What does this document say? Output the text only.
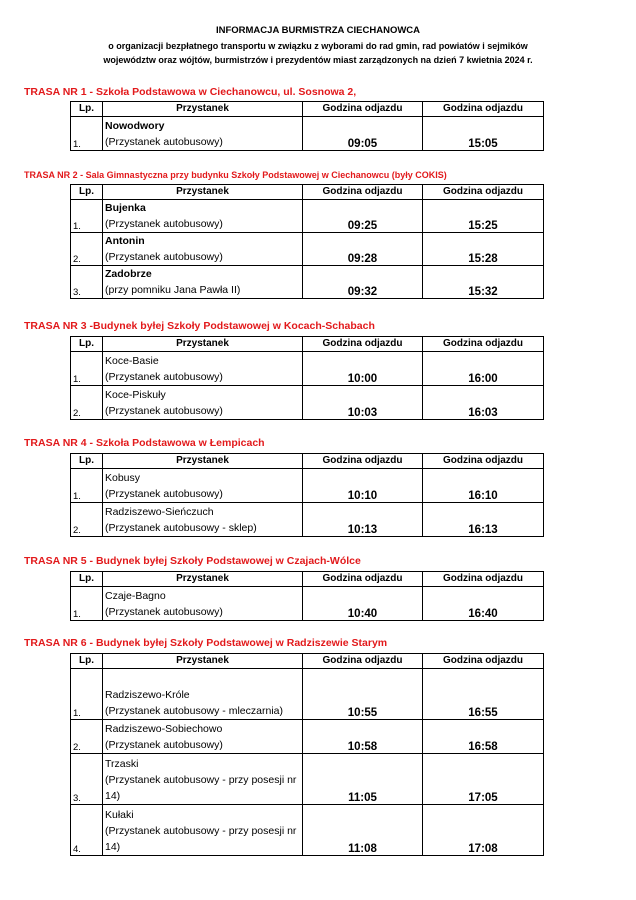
INFORMACJA BURMISTRZA CIECHANOWCA
o organizacji bezpłatnego transportu w związku z wyborami do rad gmin, rad powiatów i sejmików
województw oraz wójtów, burmistrzów i prezydentów miast zarządzonych na dzień 7 kwietnia 2024 r.
TRASA NR 1 - Szkoła Podstawowa w Ciechanowcu, ul. Sosnowa 2,
Lp.	Przystanek	Godzina odjazdu	Godzina odjazdu
1.	Nowodwory
(Przystanek autobusowy)	09:05	15:05
TRASA NR 2 - Sala Gimnastyczna przy budynku Szkoły Podstawowej w Ciechanowcu (były COKIS)
Lp.	Przystanek	Godzina odjazdu	Godzina odjazdu
1.	Bujenka
(Przystanek autobusowy)	09:25	15:25
2.	Antonin
(Przystanek autobusowy)	09:28	15:28
3.	Zadobrze
(przy pomniku Jana Pawła II)	09:32	15:32
TRASA NR 3 -Budynek byłej Szkoły Podstawowej w Kocach-Schabach
Lp.	Przystanek	Godzina odjazdu	Godzina odjazdu
1.	Koce-Basie
(Przystanek autobusowy)	10:00	16:00
2.	Koce-Piskuły
(Przystanek autobusowy)	10:03	16:03
TRASA NR 4 - Szkoła Podstawowa w Łempicach
Lp.	Przystanek	Godzina odjazdu	Godzina odjazdu
1.	Kobusy
(Przystanek autobusowy)	10:10	16:10
2.	Radziszewo-Sieńczuch
(Przystanek autobusowy - sklep)	10:13	16:13
TRASA NR 5 - Budynek byłej Szkoły Podstawowej w Czajach-Wólce
Lp.	Przystanek	Godzina odjazdu	Godzina odjazdu
1.	Czaje-Bagno
(Przystanek autobusowy)	10:40	16:40
TRASA NR 6 - Budynek byłej Szkoły Podstawowej w Radziszewie Starym
Lp.	Przystanek	Godzina odjazdu	Godzina odjazdu
1.	Radziszewo-Króle
(Przystanek autobusowy - mleczarnia)	10:55	16:55
2.	Radziszewo-Sobiechowo
(Przystanek autobusowy)	10:58	16:58
3.	Trzaski
(Przystanek autobusowy - przy posesji nr 14)	11:05	17:05
4.	Kułaki
(Przystanek autobusowy - przy posesji nr 14)	11:08	17:08
